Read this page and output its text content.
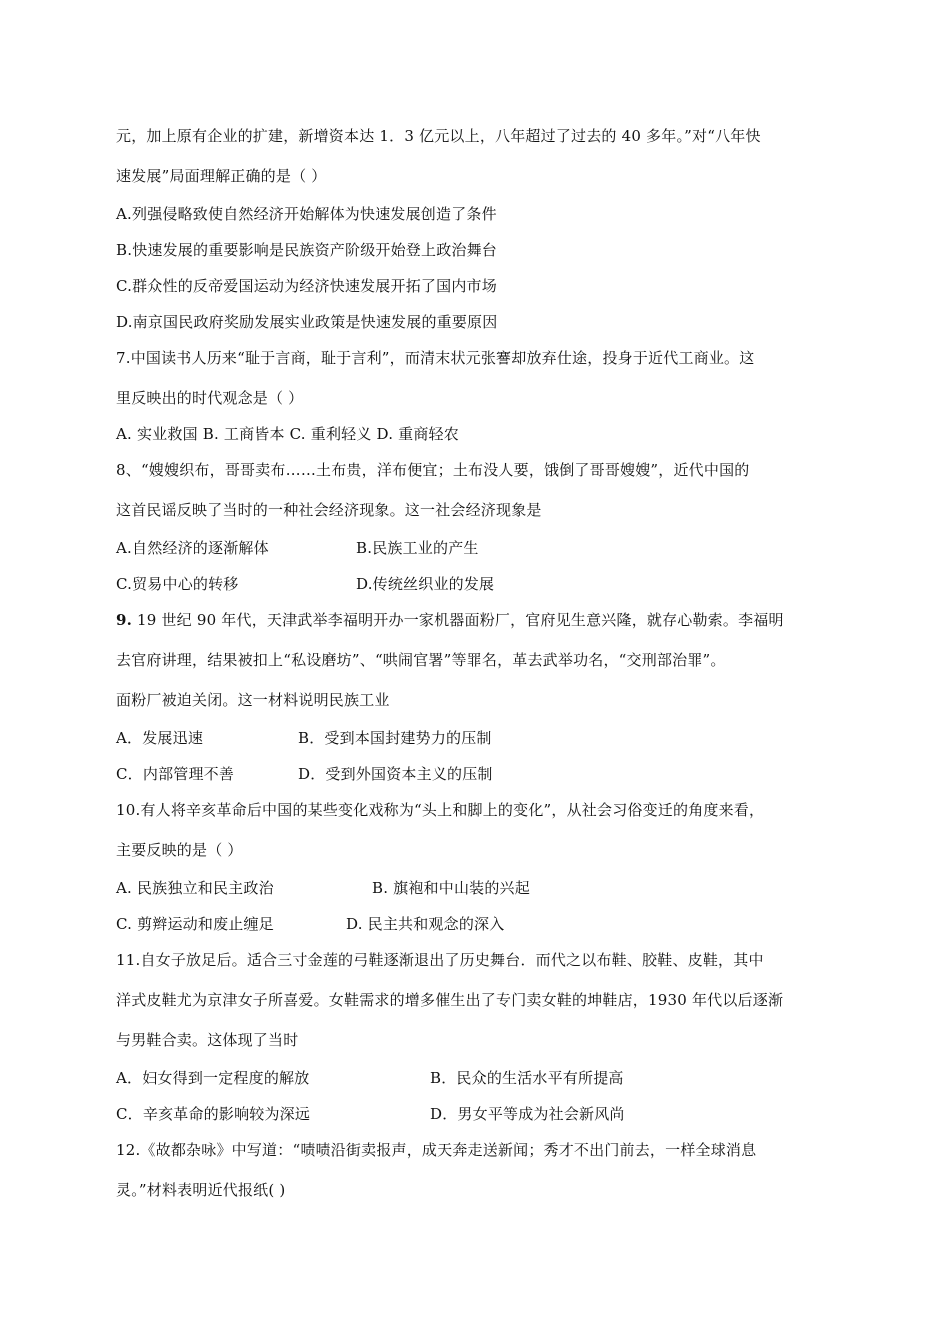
元，加上原有企业的扩建，新增资本达 1．3 亿元以上，八年超过了过去的 40 多年。”对“八年快
速发展”局面理解正确的是（ ）
A.列强侵略致使自然经济开始解体为快速发展创造了条件
B.快速发展的重要影响是民族资产阶级开始登上政治舞台
C.群众性的反帝爱国运动为经济快速发展开拓了国内市场
D.南京国民政府奖励发展实业政策是快速发展的重要原因
7.中国读书人历来“耻于言商，耻于言利”，而清末状元张謇却放弃仕途，投身于近代工商业。这
里反映出的时代观念是（ ）
A. 实业救国 B. 工商皆本 C. 重利轻义 D. 重商轻农
8、“嫂嫂织布，哥哥卖布……土布贵，洋布便宜；土布没人要，饿倒了哥哥嫂嫂”，近代中国的
这首民谣反映了当时的一种社会经济现象。这一社会经济现象是
A.自然经济的逐渐解体	B.民族工业的产生
C.贸易中心的转移	D.传统丝织业的发展
9. 19 世纪 90 年代，天津武举李福明开办一家机器面粉厂，官府见生意兴隆，就存心勒索。李福明
去官府讲理，结果被扣上“私设磨坊”、“哄闹官署”等罪名，革去武举功名，“交刑部治罪”。
面粉厂被迫关闭。这一材料说明民族工业
A．发展迅速	B．受到本国封建势力的压制
C．内部管理不善	D．受到外国资本主义的压制
10.有人将辛亥革命后中国的某些变化戏称为“头上和脚上的变化”，从社会习俗变迁的角度来看，
主要反映的是（ ）
A. 民族独立和民主政治	B. 旗袍和中山装的兴起
C. 剪辫运动和废止缠足	D. 民主共和观念的深入
11.自女子放足后。适合三寸金莲的弓鞋逐渐退出了历史舞台．而代之以布鞋、胶鞋、皮鞋，其中
洋式皮鞋尤为京津女子所喜爱。女鞋需求的增多催生出了专门卖女鞋的坤鞋店，1930 年代以后逐渐
与男鞋合卖。这体现了当时
A．妇女得到一定程度的解放	B．民众的生活水平有所提高
C．辛亥革命的影响较为深远	D．男女平等成为社会新风尚
12.《故都杂咏》中写道：“啧啧沿街卖报声，成天奔走送新闻；秀才不出门前去，一样全球消息
灵。”材料表明近代报纸( )
